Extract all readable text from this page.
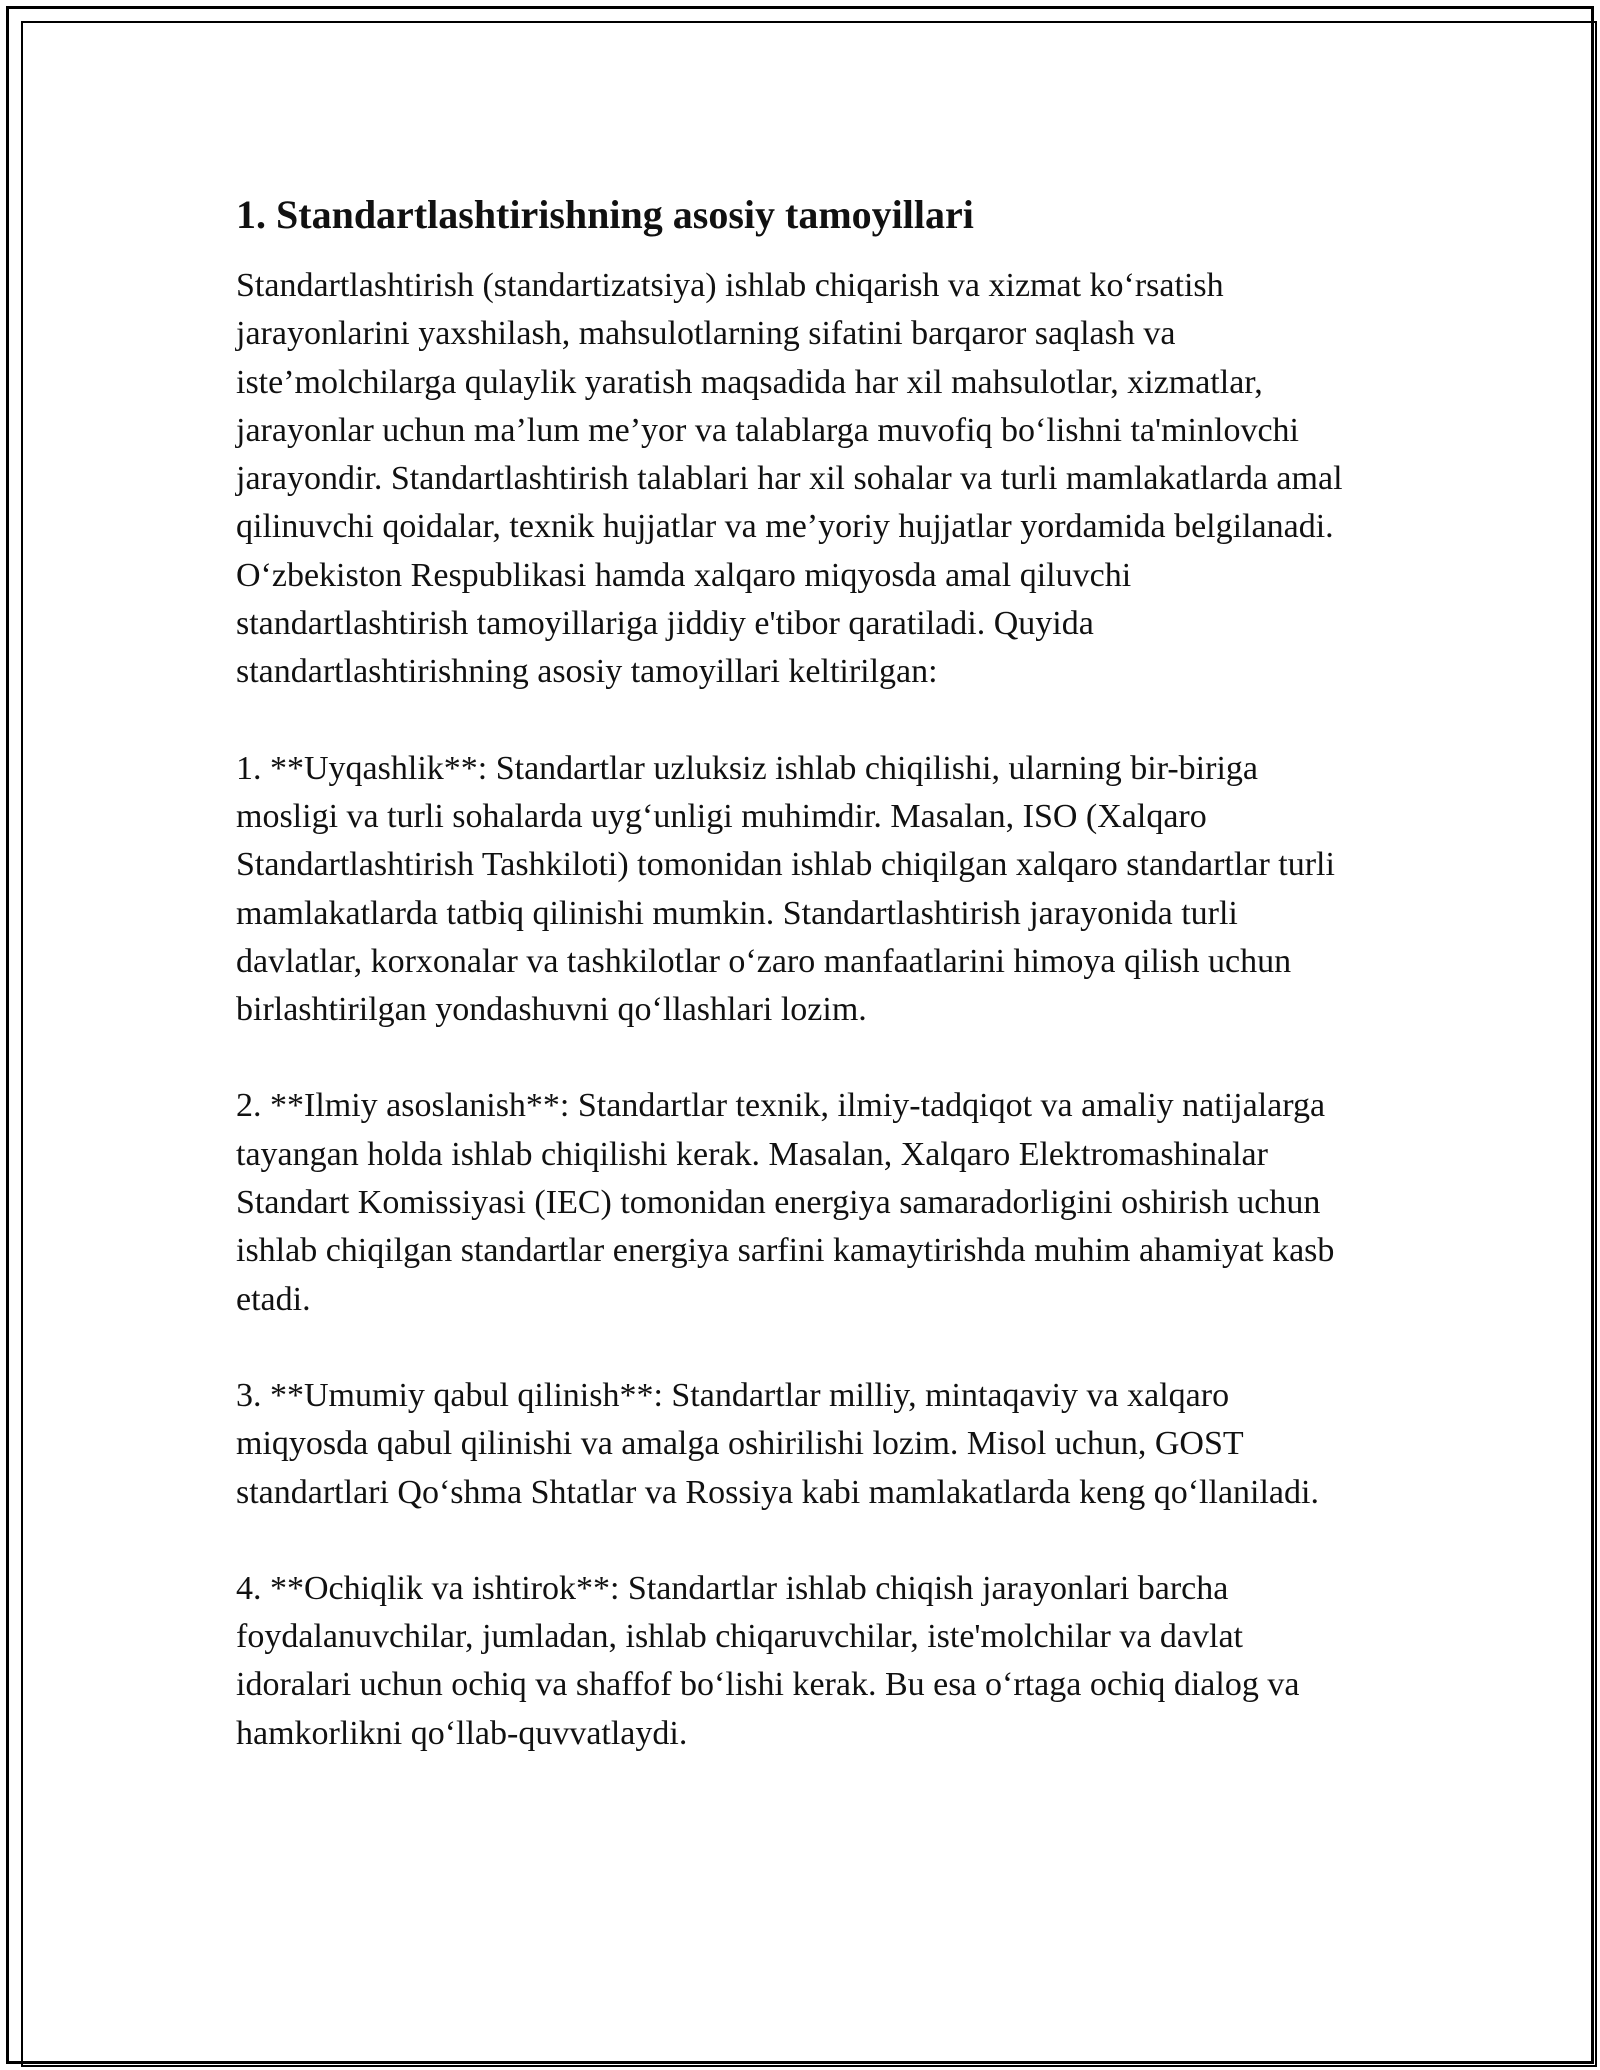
1. Standartlashtirishning asosiy tamoyillari

Standartlashtirish (standartizatsiya) ishlab chiqarish va xizmat ko‘rsatish jarayonlarini yaxshilash, mahsulotlarning sifatini barqaror saqlash va iste’molchilarga qulaylik yaratish maqsadida har xil mahsulotlar, xizmatlar, jarayonlar uchun ma’lum me’yor va talablarga muvofiq bo‘lishni ta'minlovchi jarayondir. Standartlashtirish talablari har xil sohalar va turli mamlakatlarda amal qilinuvchi qoidalar, texnik hujjatlar va me’yoriy hujjatlar yordamida belgilanadi. O‘zbekiston Respublikasi hamda xalqaro miqyosda amal qiluvchi standartlashtirish tamoyillariga jiddiy e'tibor qaratiladi. Quyida standartlashtirishning asosiy tamoyillari keltirilgan:

1. **Uyqashlik**: Standartlar uzluksiz ishlab chiqilishi, ularning bir-biriga mosligi va turli sohalarda uyg‘unligi muhimdir. Masalan, ISO (Xalqaro Standartlashtirish Tashkiloti) tomonidan ishlab chiqilgan xalqaro standartlar turli mamlakatlarda tatbiq qilinishi mumkin. Standartlashtirish jarayonida turli davlatlar, korxonalar va tashkilotlar o‘zaro manfaatlarini himoya qilish uchun birlashtirilgan yondashuvni qo‘llashlari lozim.

2. **Ilmiy asoslanish**: Standartlar texnik, ilmiy-tadqiqot va amaliy natijalarga tayangan holda ishlab chiqilishi kerak. Masalan, Xalqaro Elektromashinalar Standart Komissiyasi (IEC) tomonidan energiya samaradorligini oshirish uchun ishlab chiqilgan standartlar energiya sarfini kamaytirishda muhim ahamiyat kasb etadi.

3. **Umumiy qabul qilinish**: Standartlar milliy, mintaqaviy va xalqaro miqyosda qabul qilinishi va amalga oshirilishi lozim. Misol uchun, GOST standartlari Qo‘shma Shtatlar va Rossiya kabi mamlakatlarda keng qo‘llaniladi.

4. **Ochiqlik va ishtirok**: Standartlar ishlab chiqish jarayonlari barcha foydalanuvchilar, jumladan, ishlab chiqaruvchilar, iste'molchilar va davlat idoralari uchun ochiq va shaffof bo‘lishi kerak. Bu esa o‘rtaga ochiq dialog va hamkorlikni qo‘llab-quvvatlaydi.
